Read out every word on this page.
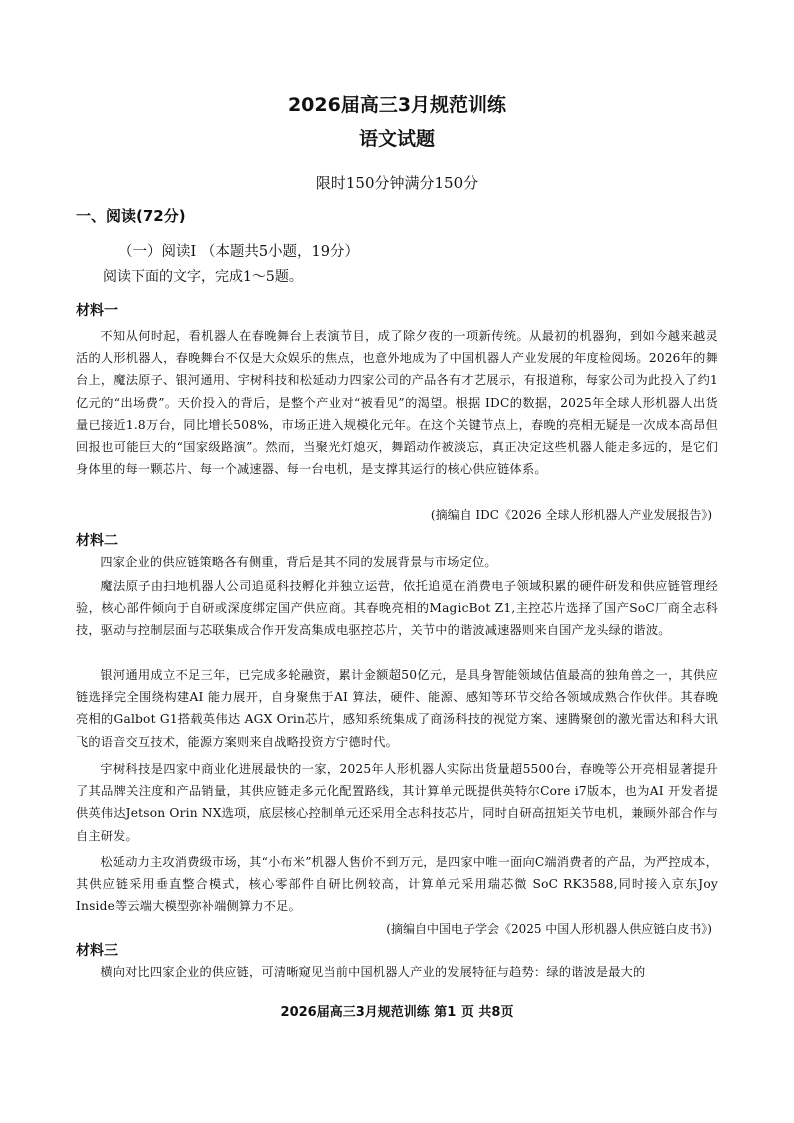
2026届高三3月规范训练
语文试题
限时150分钟满分150分
一、阅读(72分)
（一）阅读I （本题共5小题，19分）
阅读下面的文字，完成1～5题。
材料一

不知从何时起，看机器人在春晚舞台上表演节目，成了除夕夜的一项新传统。从最初的机器狗，到如今越来越灵活的人形机器人，春晚舞台不仅是大众娱乐的焦点，也意外地成为了中国机器人产业发展的年度检阅场。2026年的舞台上，魔法原子、银河通用、宇树科技和松延动力四家公司的产品各有才艺展示，有报道称，每家公司为此投入了约1亿元的“出场费”。天价投入的背后，是整个产业对“被看见”的渴望。根据 IDC的数据，2025年全球人形机器人出货量已接近1.8万台，同比增长508%，市场正进入规模化元年。在这个关键节点上，春晚的亮相无疑是一次成本高昂但回报也可能巨大的“国家级路演”。然而，当聚光灯熄灭，舞蹈动作被淡忘，真正决定这些机器人能走多远的，是它们身体里的每一颗芯片、每一个减速器、每一台电机，是支撑其运行的核心供应链体系。

(摘编自 IDC《2026 全球人形机器人产业发展报告》)
材料二

四家企业的供应链策略各有侧重，背后是其不同的发展背景与市场定位。

魔法原子由扫地机器人公司追觅科技孵化并独立运营，依托追觅在消费电子领域积累的硬件研发和供应链管理经验，核心部件倾向于自研或深度绑定国产供应商。其春晚亮相的MagicBot Z1,主控芯片选择了国产SoC厂商全志科技，驱动与控制层面与芯联集成合作开发高集成电驱控芯片，关节中的谐波减速器则来自国产龙头绿的谐波。

银河通用成立不足三年，已完成多轮融资，累计金额超50亿元，是具身智能领域估值最高的独角兽之一，其供应链选择完全围绕构建AI 能力展开，自身聚焦于AI 算法，硬件、能源、感知等环节交给各领域成熟合作伙伴。其春晚亮相的Galbot G1搭载英伟达 AGX Orin芯片，感知系统集成了商汤科技的视觉方案、速腾聚创的激光雷达和科大讯飞的语音交互技术，能源方案则来自战略投资方宁德时代。

宇树科技是四家中商业化进展最快的一家，2025年人形机器人实际出货量超5500台，春晚等公开亮相显著提升了其品牌关注度和产品销量，其供应链走多元化配置路线，其计算单元既提供英特尔Core i7版本，也为AI 开发者提供英伟达Jetson Orin NX选项，底层核心控制单元还采用全志科技芯片，同时自研高扭矩关节电机，兼顾外部合作与自主研发。

松延动力主攻消费级市场，其“小布米”机器人售价不到万元，是四家中唯一面向C端消费者的产品，为严控成本，其供应链采用垂直整合模式，核心零部件自研比例较高，计算单元采用瑞芯微 SoC RK3588,同时接入京东Joy Inside等云端大模型弥补端侧算力不足。

(摘编自中国电子学会《2025 中国人形机器人供应链白皮书》)
材料三

横向对比四家企业的供应链，可清晰窥见当前中国机器人产业的发展特征与趋势：绿的谐波是最大的

2026届高三3月规范训练 第1 页 共8页
